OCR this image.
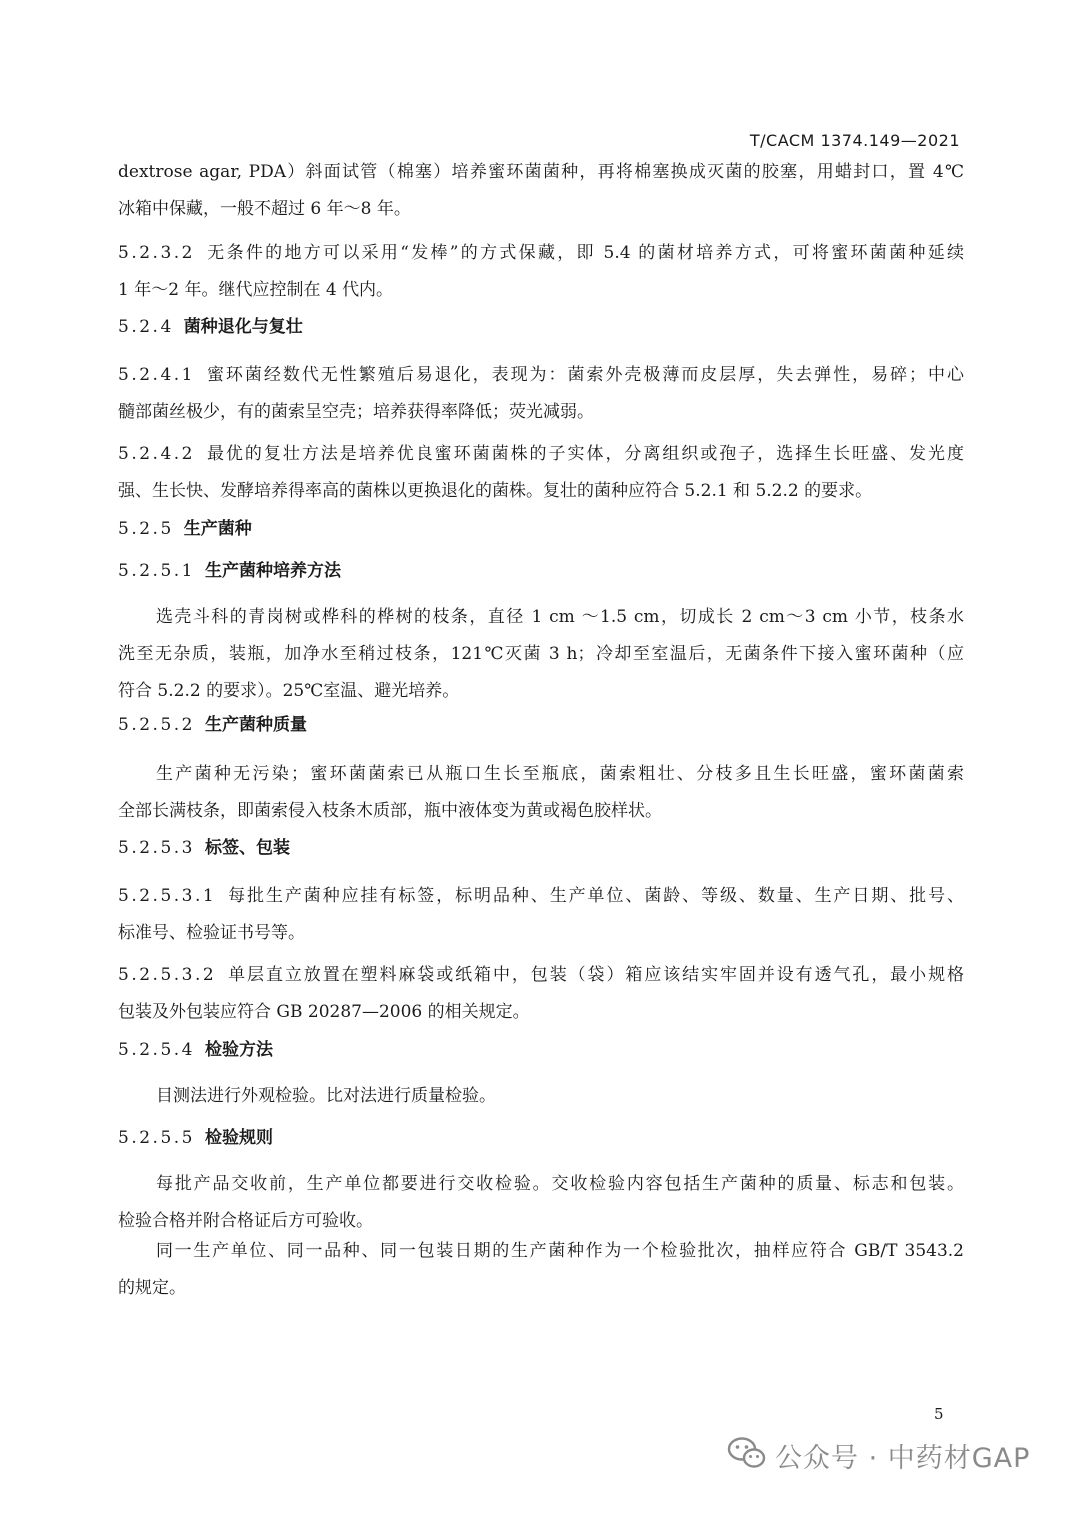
T/CACM 1374.149—2021
dextrose agar, PDA）斜面试管（棉塞）培养蜜环菌菌种，再将棉塞换成灭菌的胶塞，用蜡封口，置 4℃
冰箱中保藏，一般不超过 6 年～8 年。
5.2.3.2 无条件的地方可以采用“发棒”的方式保藏，即 5.4 的菌材培养方式，可将蜜环菌菌种延续
1 年～2 年。继代应控制在 4 代内。
5.2.4 菌种退化与复壮
5.2.4.1 蜜环菌经数代无性繁殖后易退化，表现为：菌索外壳极薄而皮层厚，失去弹性，易碎；中心
髓部菌丝极少，有的菌索呈空壳；培养获得率降低；荧光减弱。
5.2.4.2 最优的复壮方法是培养优良蜜环菌菌株的子实体，分离组织或孢子，选择生长旺盛、发光度
强、生长快、发酵培养得率高的菌株以更换退化的菌株。复壮的菌种应符合 5.2.1 和 5.2.2 的要求。
5.2.5 生产菌种
5.2.5.1 生产菌种培养方法
选壳斗科的青岗树或桦科的桦树的枝条，直径 1 cm ～1.5 cm，切成长 2 cm～3 cm 小节，枝条水
洗至无杂质，装瓶，加净水至稍过枝条，121℃灭菌 3 h；冷却至室温后，无菌条件下接入蜜环菌种（应
符合 5.2.2 的要求）。25℃室温、避光培养。
5.2.5.2 生产菌种质量
生产菌种无污染；蜜环菌菌索已从瓶口生长至瓶底，菌索粗壮、分枝多且生长旺盛，蜜环菌菌索
全部长满枝条，即菌索侵入枝条木质部，瓶中液体变为黄或褐色胶样状。
5.2.5.3 标签、包装
5.2.5.3.1 每批生产菌种应挂有标签，标明品种、生产单位、菌龄、等级、数量、生产日期、批号、
标准号、检验证书号等。
5.2.5.3.2 单层直立放置在塑料麻袋或纸箱中，包装（袋）箱应该结实牢固并设有透气孔，最小规格
包装及外包装应符合 GB 20287—2006 的相关规定。
5.2.5.4 检验方法
目测法进行外观检验。比对法进行质量检验。
5.2.5.5 检验规则
每批产品交收前，生产单位都要进行交收检验。交收检验内容包括生产菌种的质量、标志和包装。
检验合格并附合格证后方可验收。
同一生产单位、同一品种、同一包装日期的生产菌种作为一个检验批次，抽样应符合 GB/T 3543.2
的规定。
5
公众号 · 中药材GAP
